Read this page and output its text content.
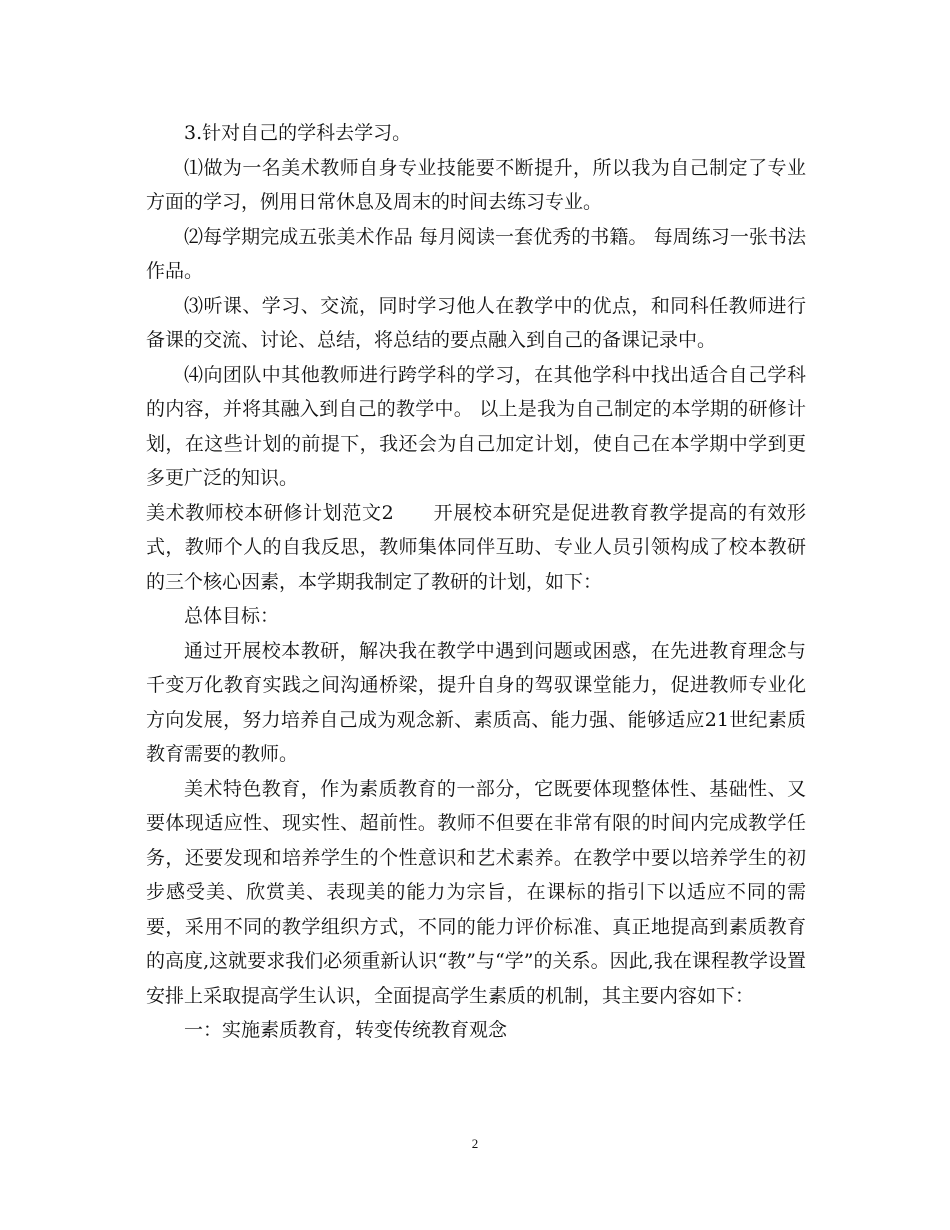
3.针对自己的学科去学习。

⑴做为一名美术教师自身专业技能要不断提升，所以我为自己制定了专业方面的学习，例用日常休息及周末的时间去练习专业。

⑵每学期完成五张美术作品 每月阅读一套优秀的书籍。 每周练习一张书法作品。

⑶听课、学习、交流，同时学习他人在教学中的优点，和同科任教师进行备课的交流、讨论、总结，将总结的要点融入到自己的备课记录中。

⑷向团队中其他教师进行跨学科的学习，在其他学科中找出适合自己学科的内容，并将其融入到自己的教学中。 以上是我为自己制定的本学期的研修计划，在这些计划的前提下，我还会为自己加定计划，使自己在本学期中学到更多更广泛的知识。

美术教师校本研修计划范文2　　开展校本研究是促进教育教学提高的有效形式，教师个人的自我反思，教师集体同伴互助、专业人员引领构成了校本教研的三个核心因素，本学期我制定了教研的计划，如下：

总体目标：

通过开展校本教研，解决我在教学中遇到问题或困惑，在先进教育理念与千变万化教育实践之间沟通桥梁，提升自身的驾驭课堂能力，促进教师专业化方向发展，努力培养自己成为观念新、素质高、能力强、能够适应21世纪素质教育需要的教师。

美术特色教育，作为素质教育的一部分，它既要体现整体性、基础性、又要体现适应性、现实性、超前性。教师不但要在非常有限的时间内完成教学任务，还要发现和培养学生的个性意识和艺术素养。在教学中要以培养学生的初步感受美、欣赏美、表现美的能力为宗旨，在课标的指引下以适应不同的需要，采用不同的教学组织方式，不同的能力评价标准、真正地提高到素质教育的高度,这就要求我们必须重新认识“教”与“学”的关系。因此,我在课程教学设置安排上采取提高学生认识，全面提高学生素质的机制，其主要内容如下：

一：实施素质教育，转变传统教育观念

2
